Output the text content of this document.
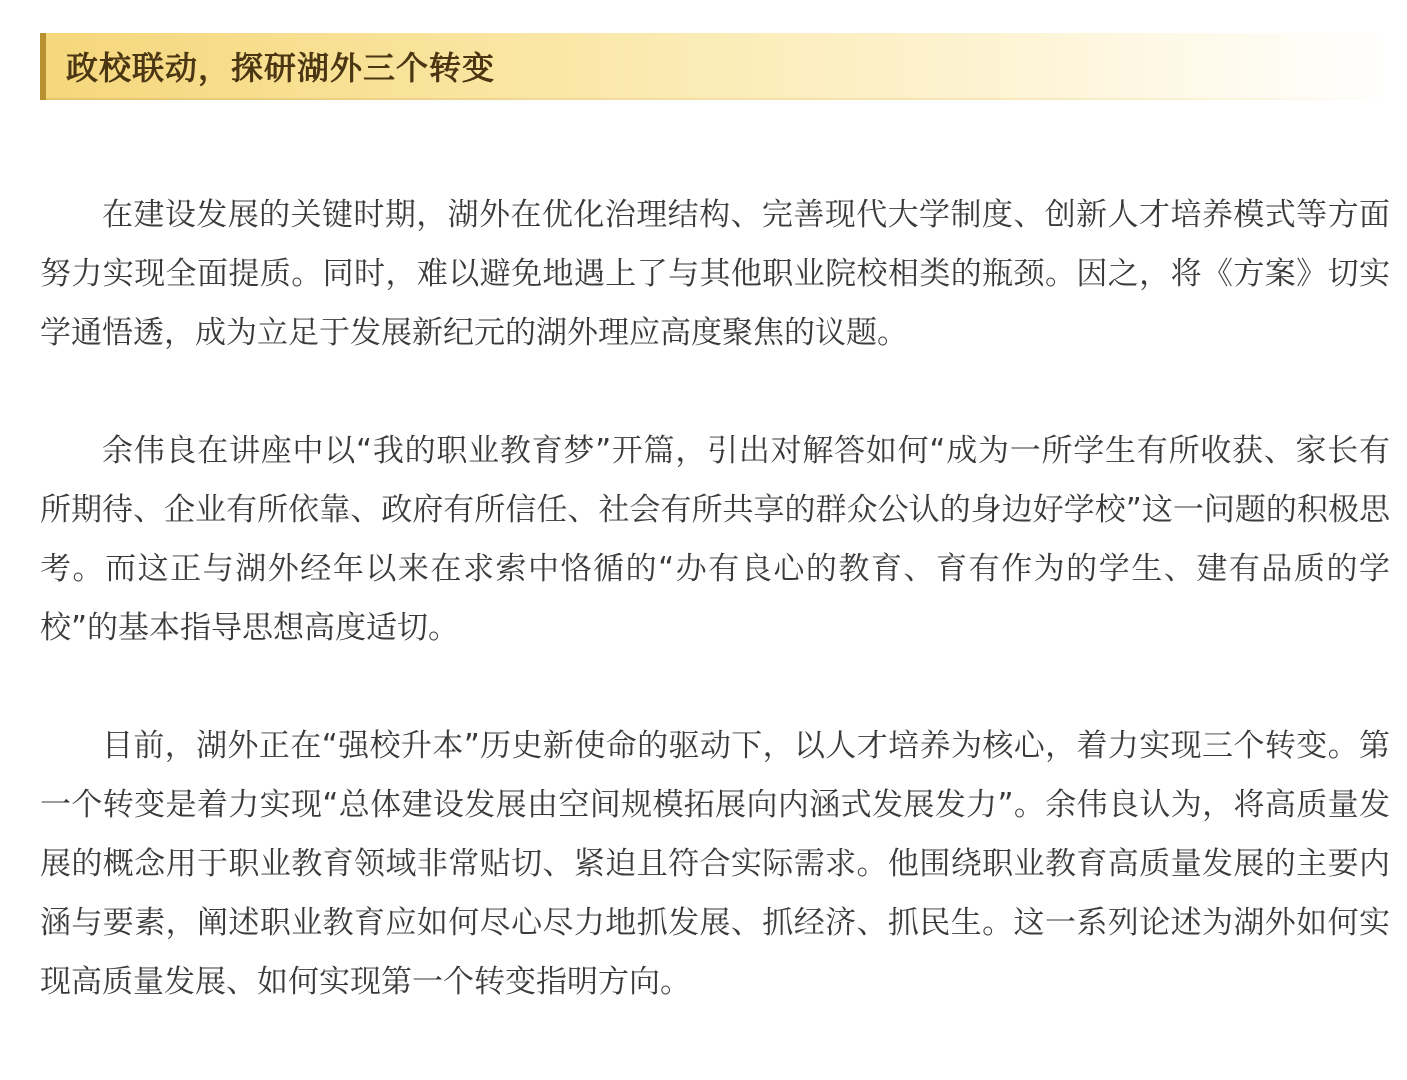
政校联动，探研湖外三个转变

在建设发展的关键时期，湖外在优化治理结构、完善现代大学制度、创新人才培养模式等方面努力实现全面提质。同时，难以避免地遇上了与其他职业院校相类的瓶颈。因之，将《方案》切实学通悟透，成为立足于发展新纪元的湖外理应高度聚焦的议题。

余伟良在讲座中以“我的职业教育梦”开篇，引出对解答如何“成为一所学生有所收获、家长有所期待、企业有所依靠、政府有所信任、社会有所共享的群众公认的身边好学校”这一问题的积极思考。而这正与湖外经年以来在求索中恪循的“办有良心的教育、育有作为的学生、建有品质的学校”的基本指导思想高度适切。

目前，湖外正在“强校升本”历史新使命的驱动下，以人才培养为核心，着力实现三个转变。第一个转变是着力实现“总体建设发展由空间规模拓展向内涵式发展发力”。余伟良认为，将高质量发展的概念用于职业教育领域非常贴切、紧迫且符合实际需求。他围绕职业教育高质量发展的主要内涵与要素，阐述职业教育应如何尽心尽力地抓发展、抓经济、抓民生。这一系列论述为湖外如何实现高质量发展、如何实现第一个转变指明方向。
